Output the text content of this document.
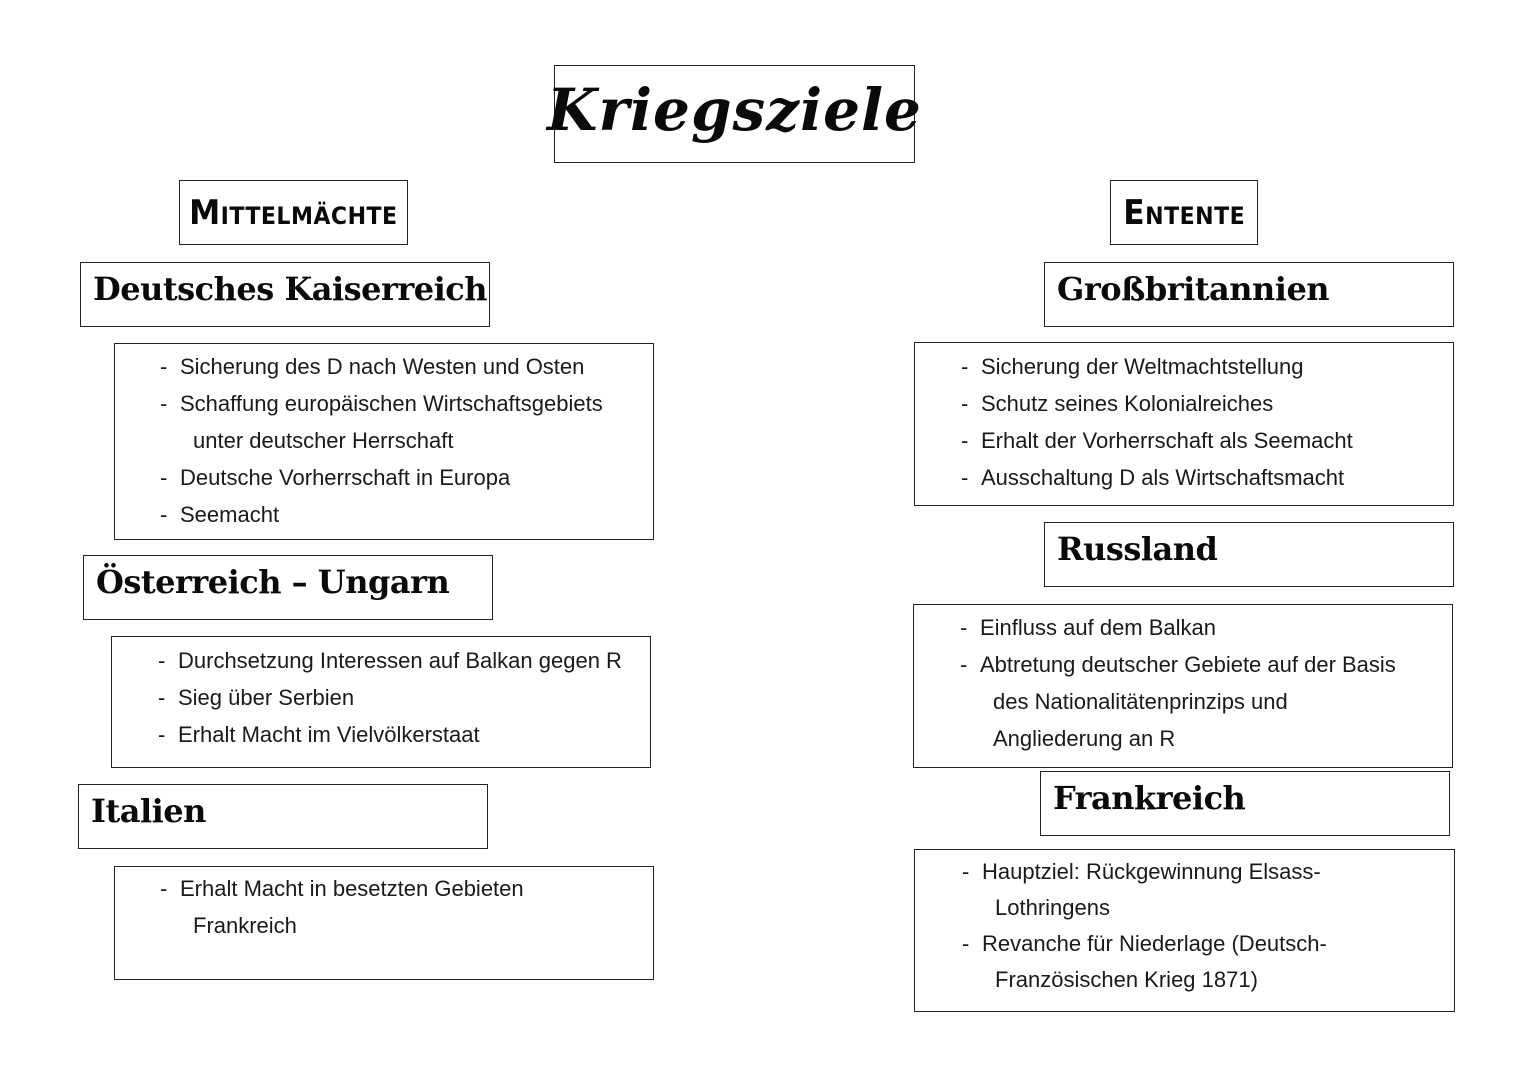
Kriegsziele
Mittelmächte	Entente
Deutsches Kaiserreich
- Sicherung des D nach Westen und Osten
- Schaffung europäischen Wirtschaftsgebiets
unter deutscher Herrschaft
- Deutsche Vorherrschaft in Europa
- Seemacht
Österreich – Ungarn
- Durchsetzung Interessen auf Balkan gegen R
- Sieg über Serbien
- Erhalt Macht im Vielvölkerstaat
Italien
- Erhalt Macht in besetzten Gebieten
Frankreich
Großbritannien
- Sicherung der Weltmachtstellung
- Schutz seines Kolonialreiches
- Erhalt der Vorherrschaft als Seemacht
- Ausschaltung D als Wirtschaftsmacht
Russland
- Einfluss auf dem Balkan
- Abtretung deutscher Gebiete auf der Basis
des Nationalitätenprinzips und
Angliederung an R
Frankreich
- Hauptziel: Rückgewinnung Elsass-
Lothringens
- Revanche für Niederlage (Deutsch-
Französischen Krieg 1871)
